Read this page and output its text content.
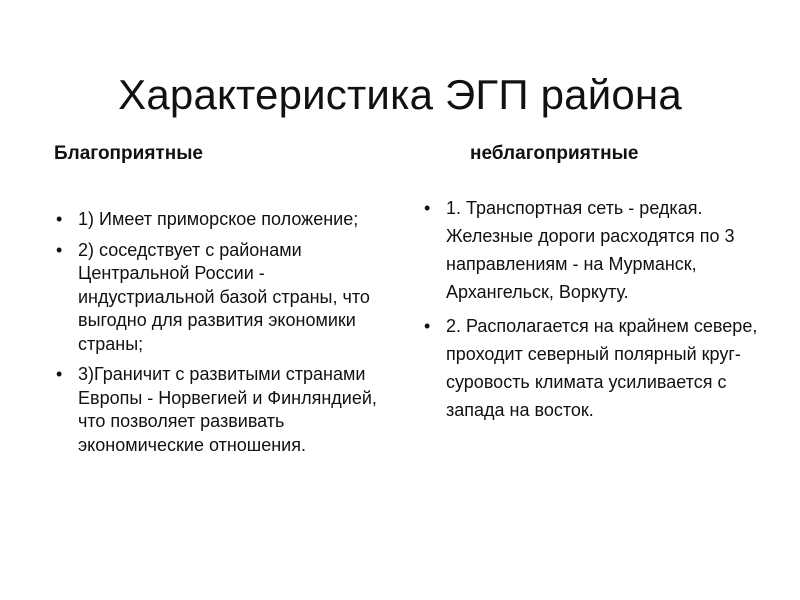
Характеристика ЭГП района
Благоприятные	неблагоприятные
• 1) Имеет приморское положение;
• 2) соседствует с районами Центральной России - индустриальной базой страны, что выгодно для развития экономики страны;
• 3)Граничит с развитыми странами Европы - Норвегией и Финляндией, что позволяет развивать экономические отношения.
• 1. Транспортная сеть - редкая. Железные дороги расходятся по 3 направлениям - на Мурманск, Архангельск, Воркуту.
• 2. Располагается на крайнем севере, проходит северный полярный круг- суровость климата усиливается с запада на восток.
